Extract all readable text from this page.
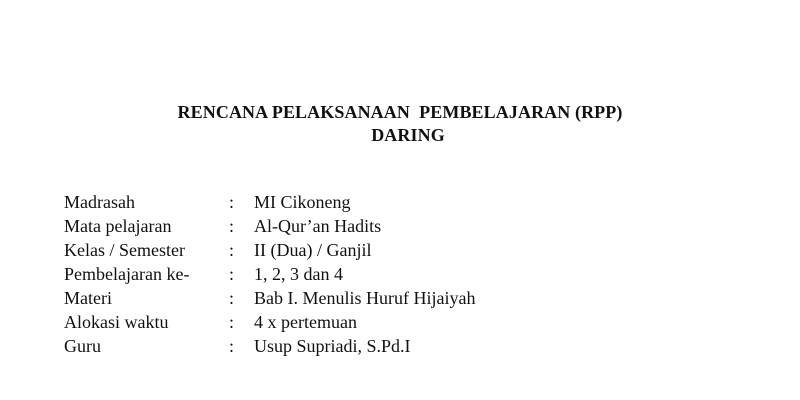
RENCANA PELAKSANAAN  PEMBELAJARAN (RPP)
DARING
Madrasah	: MI Cikoneng
Mata pelajaran	: Al-Qur’an Hadits
Kelas / Semester : II (Dua) / Ganjil
Pembelajaran ke- : 1, 2, 3 dan 4
Materi	: Bab I. Menulis Huruf Hijaiyah
Alokasi waktu	: 4 x pertemuan
Guru	: Usup Supriadi, S.Pd.I
